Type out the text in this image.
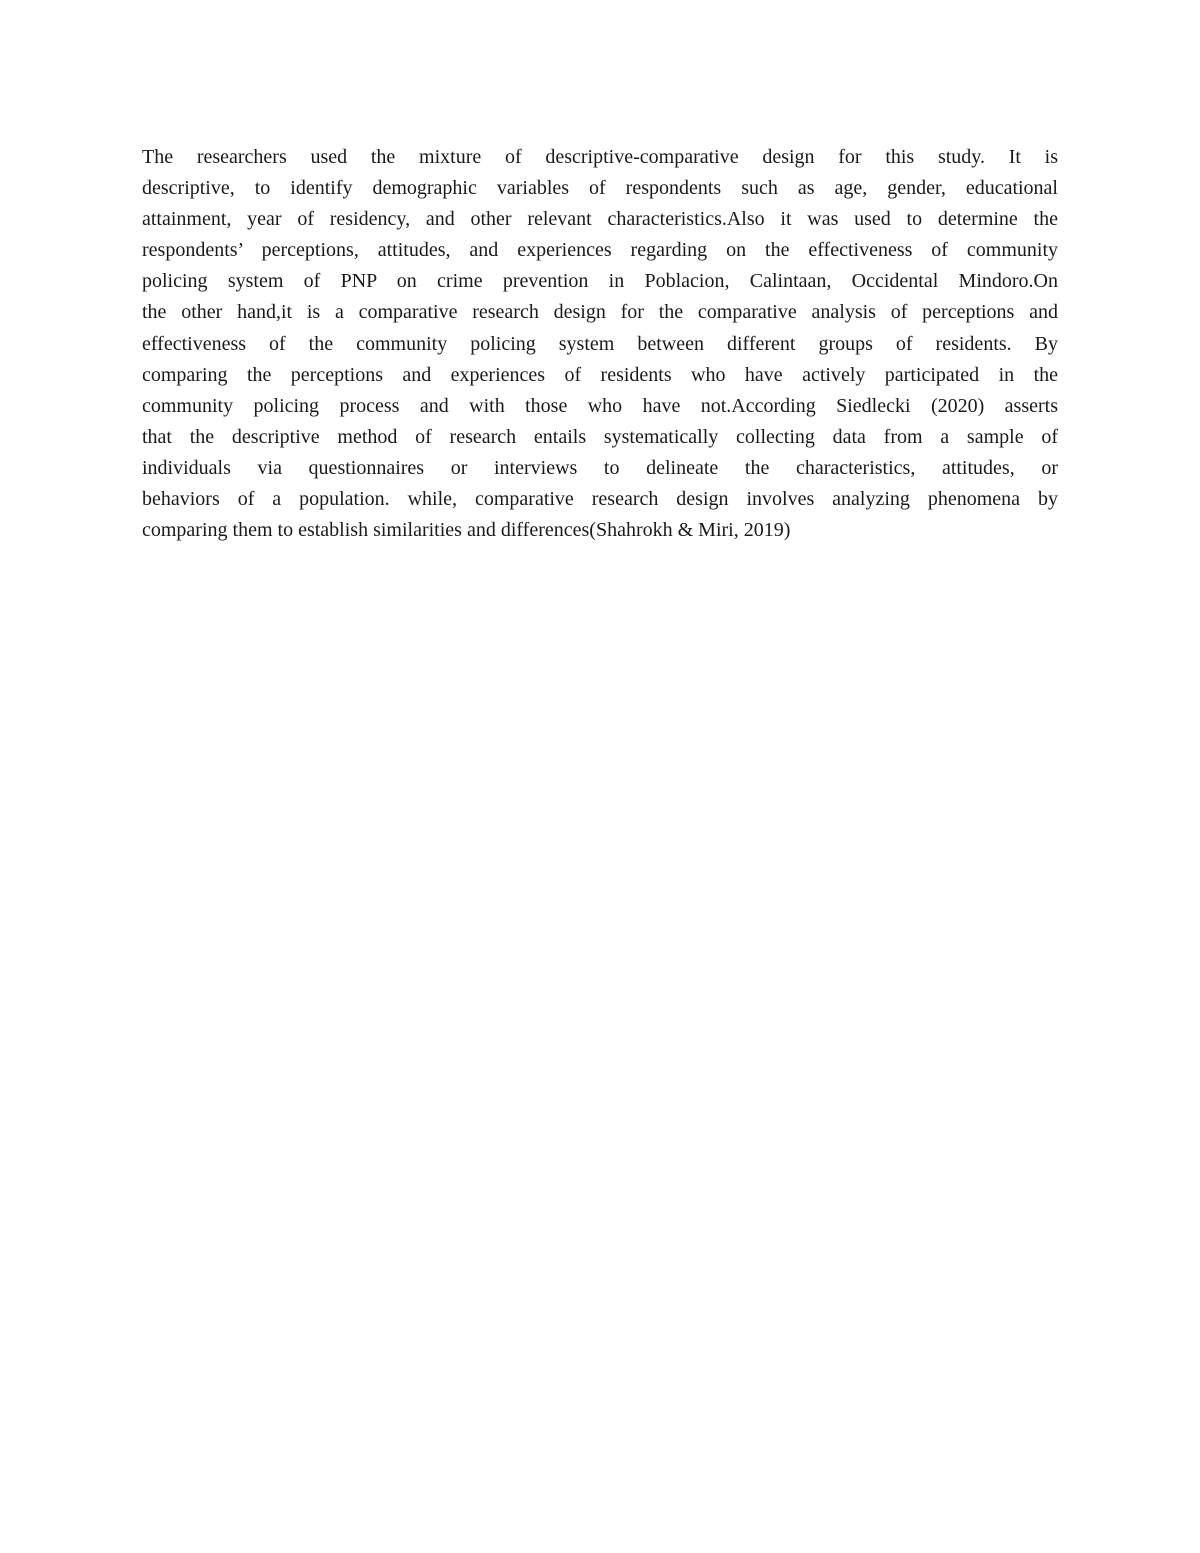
The researchers used the mixture of descriptive-comparative design for this study. It is
descriptive, to identify demographic variables of respondents such as age, gender, educational
attainment, year of residency, and other relevant characteristics.Also it was used to determine the
respondents’ perceptions, attitudes, and experiences regarding on the effectiveness of community
policing system of PNP on crime prevention in Poblacion, Calintaan, Occidental Mindoro.On
the other hand,it is a comparative research design for the comparative analysis of perceptions and
effectiveness of the community policing system between different groups of residents. By
comparing the perceptions and experiences of residents who have actively participated in the
community policing process and with those who have not.According Siedlecki (2020) asserts
that the descriptive method of research entails systematically collecting data from a sample of
individuals via questionnaires or interviews to delineate the characteristics, attitudes, or
behaviors of a population. while, comparative research design involves analyzing phenomena by
comparing them to establish similarities and differences(Shahrokh & Miri, 2019)
